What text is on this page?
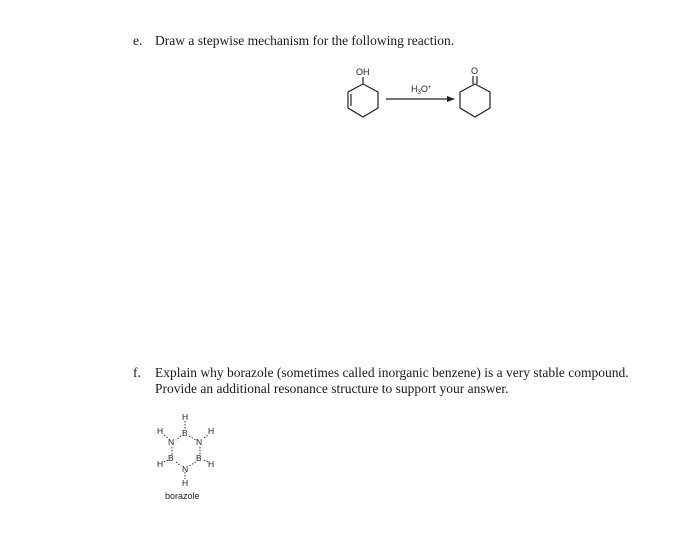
e. Draw a stepwise mechanism for the following reaction.
OH
$H_3O^+$
O
H
B
H
N	N
H
H
B
N
B
H
H
borazole
f. Explain why borazole (sometimes called inorganic benzene) is a very stable compound.
Provide an additional resonance structure to support your answer.
